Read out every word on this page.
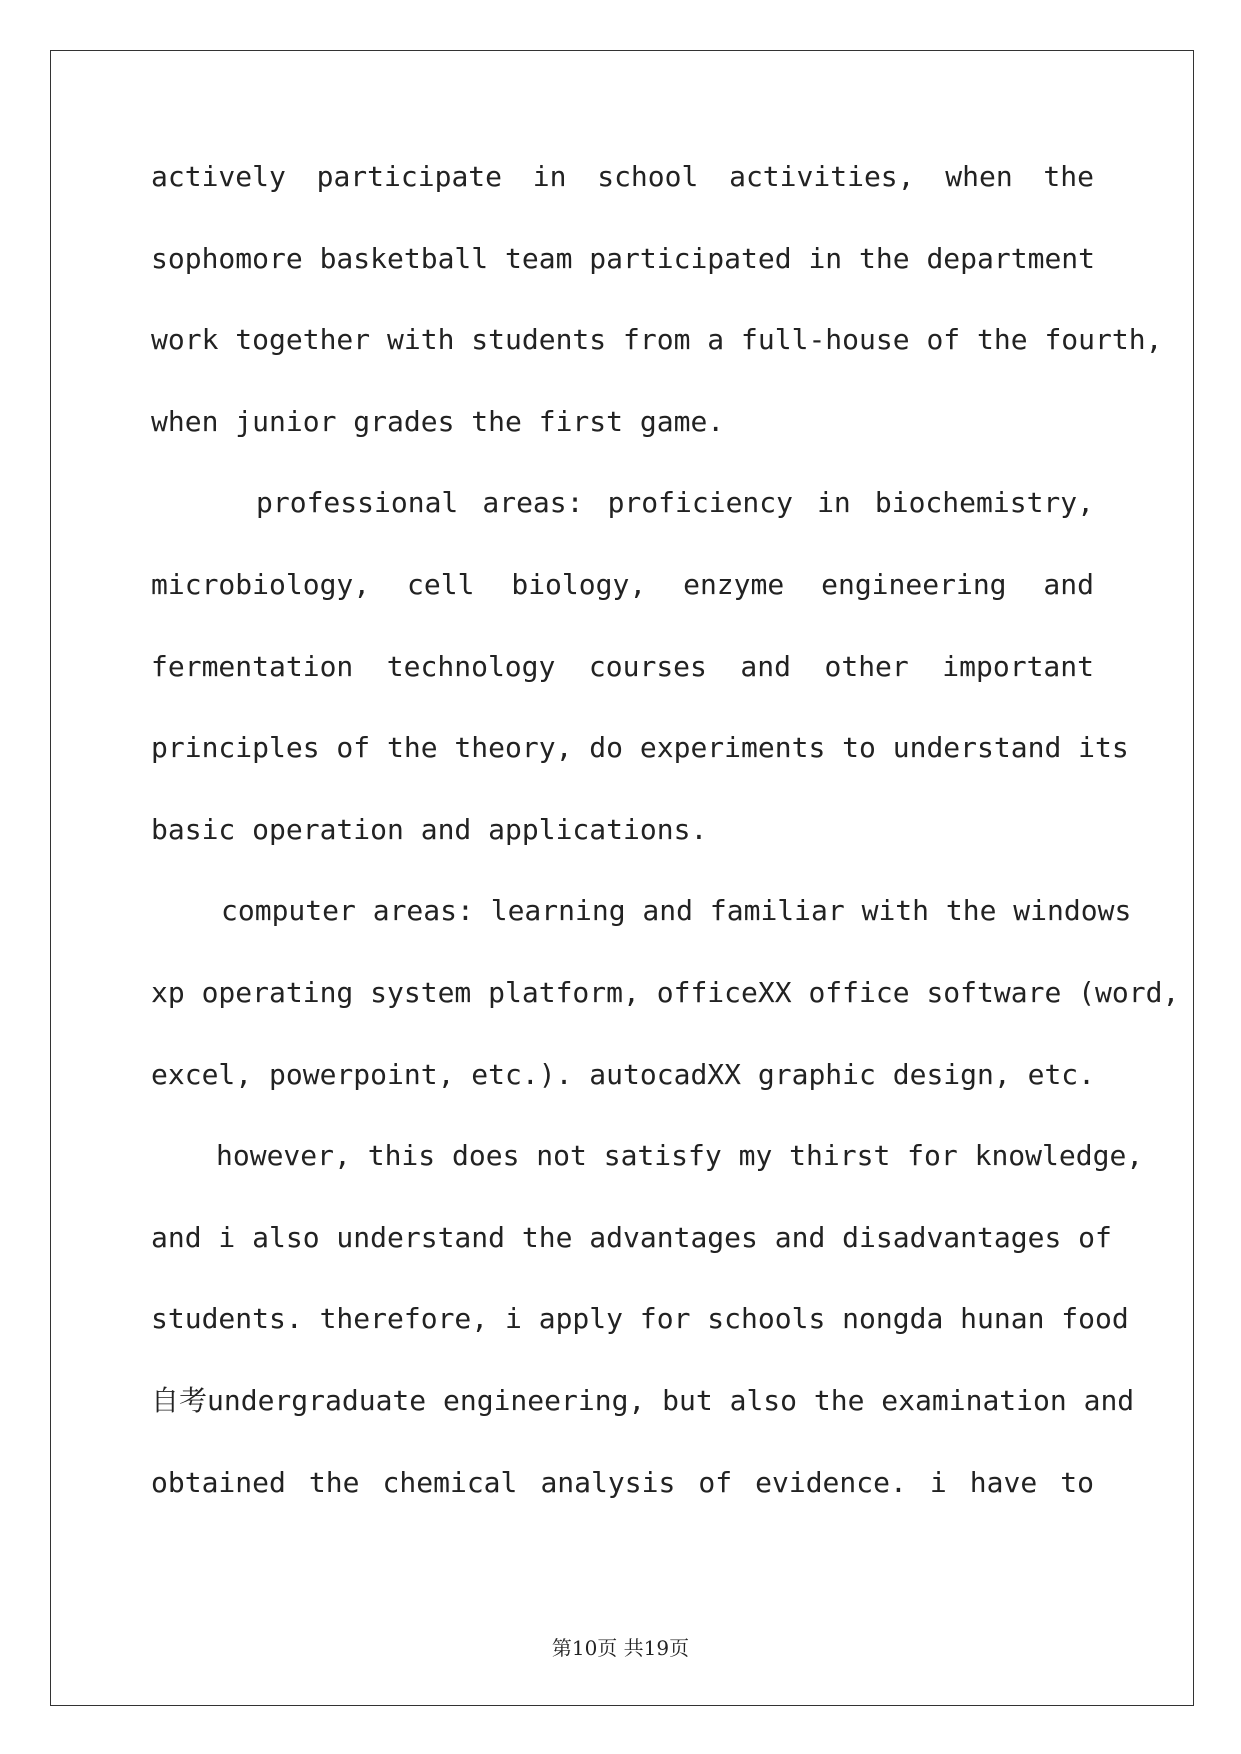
actively participate in school activities, when the
sophomore basketball team participated in the department
work together with students from a full-house of the fourth,
when junior grades the first game.
professional areas: proficiency in biochemistry,
microbiology, cell biology, enzyme engineering and
fermentation technology courses and other important
principles of the theory, do experiments to understand its
basic operation and applications.
computer areas: learning and familiar with the windows
xp operating system platform, officeXX office software (word,
excel, powerpoint, etc.). autocadXX graphic design, etc.
however, this does not satisfy my thirst for knowledge,
and i also understand the advantages and disadvantages of
students. therefore, i apply for schools nongda hunan food
自考undergraduate engineering, but also the examination and
obtained the chemical analysis of evidence. i have to
第10页 共19页
